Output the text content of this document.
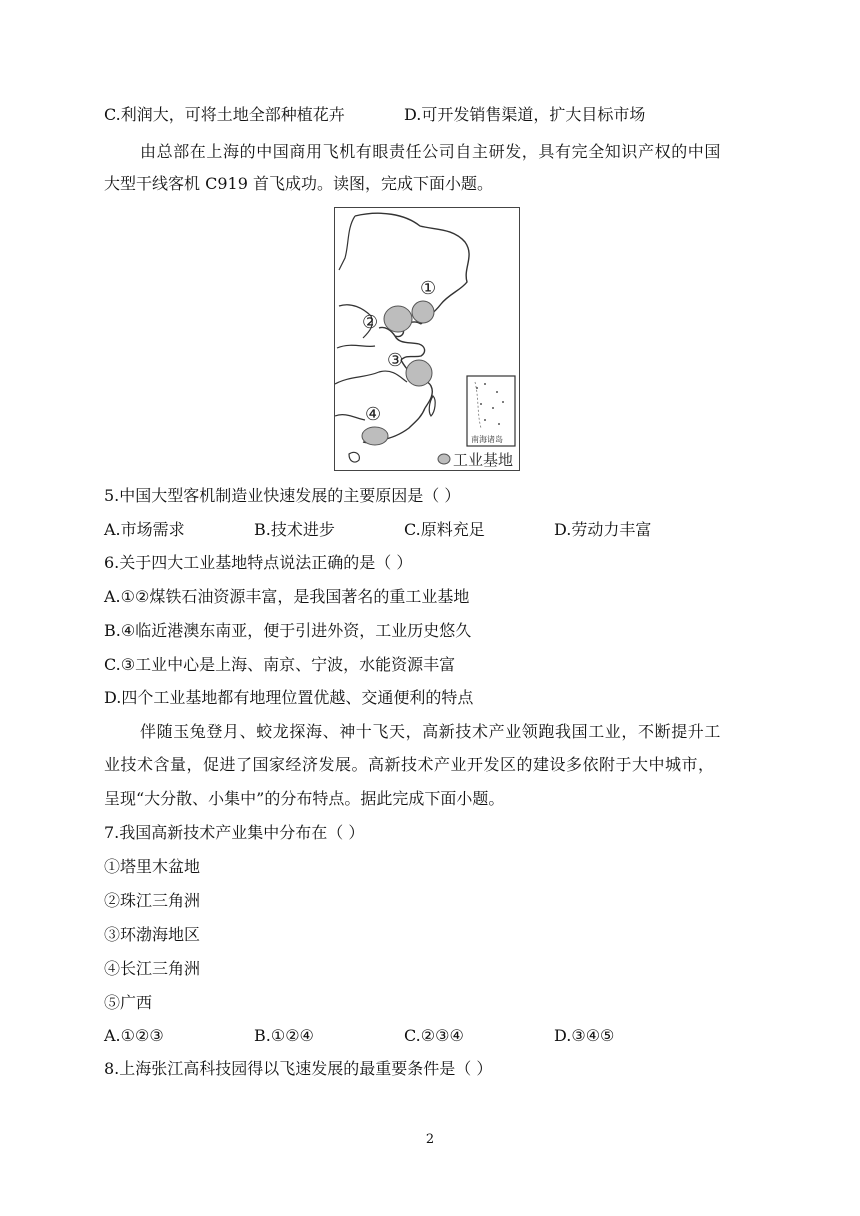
C.利润大，可将土地全部种植花卉	D.可开发销售渠道，扩大目标市场
由总部在上海的中国商用飞机有眼责任公司自主研发，具有完全知识产权的中国
大型干线客机 C919 首飞成功。读图，完成下面小题。
①
②
③
④
南海诸岛
工业基地
5.中国大型客机制造业快速发展的主要原因是（ ）
A.市场需求	B.技术进步	C.原料充足	D.劳动力丰富
6.关于四大工业基地特点说法正确的是（ ）
A.①②煤铁石油资源丰富，是我国著名的重工业基地
B.④临近港澳东南亚，便于引进外资，工业历史悠久
C.③工业中心是上海、南京、宁波，水能资源丰富
D.四个工业基地都有地理位置优越、交通便利的特点
伴随玉兔登月、蛟龙探海、神十飞天，高新技术产业领跑我国工业，不断提升工
业技术含量，促进了国家经济发展。高新技术产业开发区的建设多依附于大中城市，
呈现“大分散、小集中”的分布特点。据此完成下面小题。
7.我国高新技术产业集中分布在（ ）
①塔里木盆地
②珠江三角洲
③环渤海地区
④长江三角洲
⑤广西
A.①②③	B.①②④	C.②③④	D.③④⑤
8.上海张江高科技园得以飞速发展的最重要条件是（ ）
2
